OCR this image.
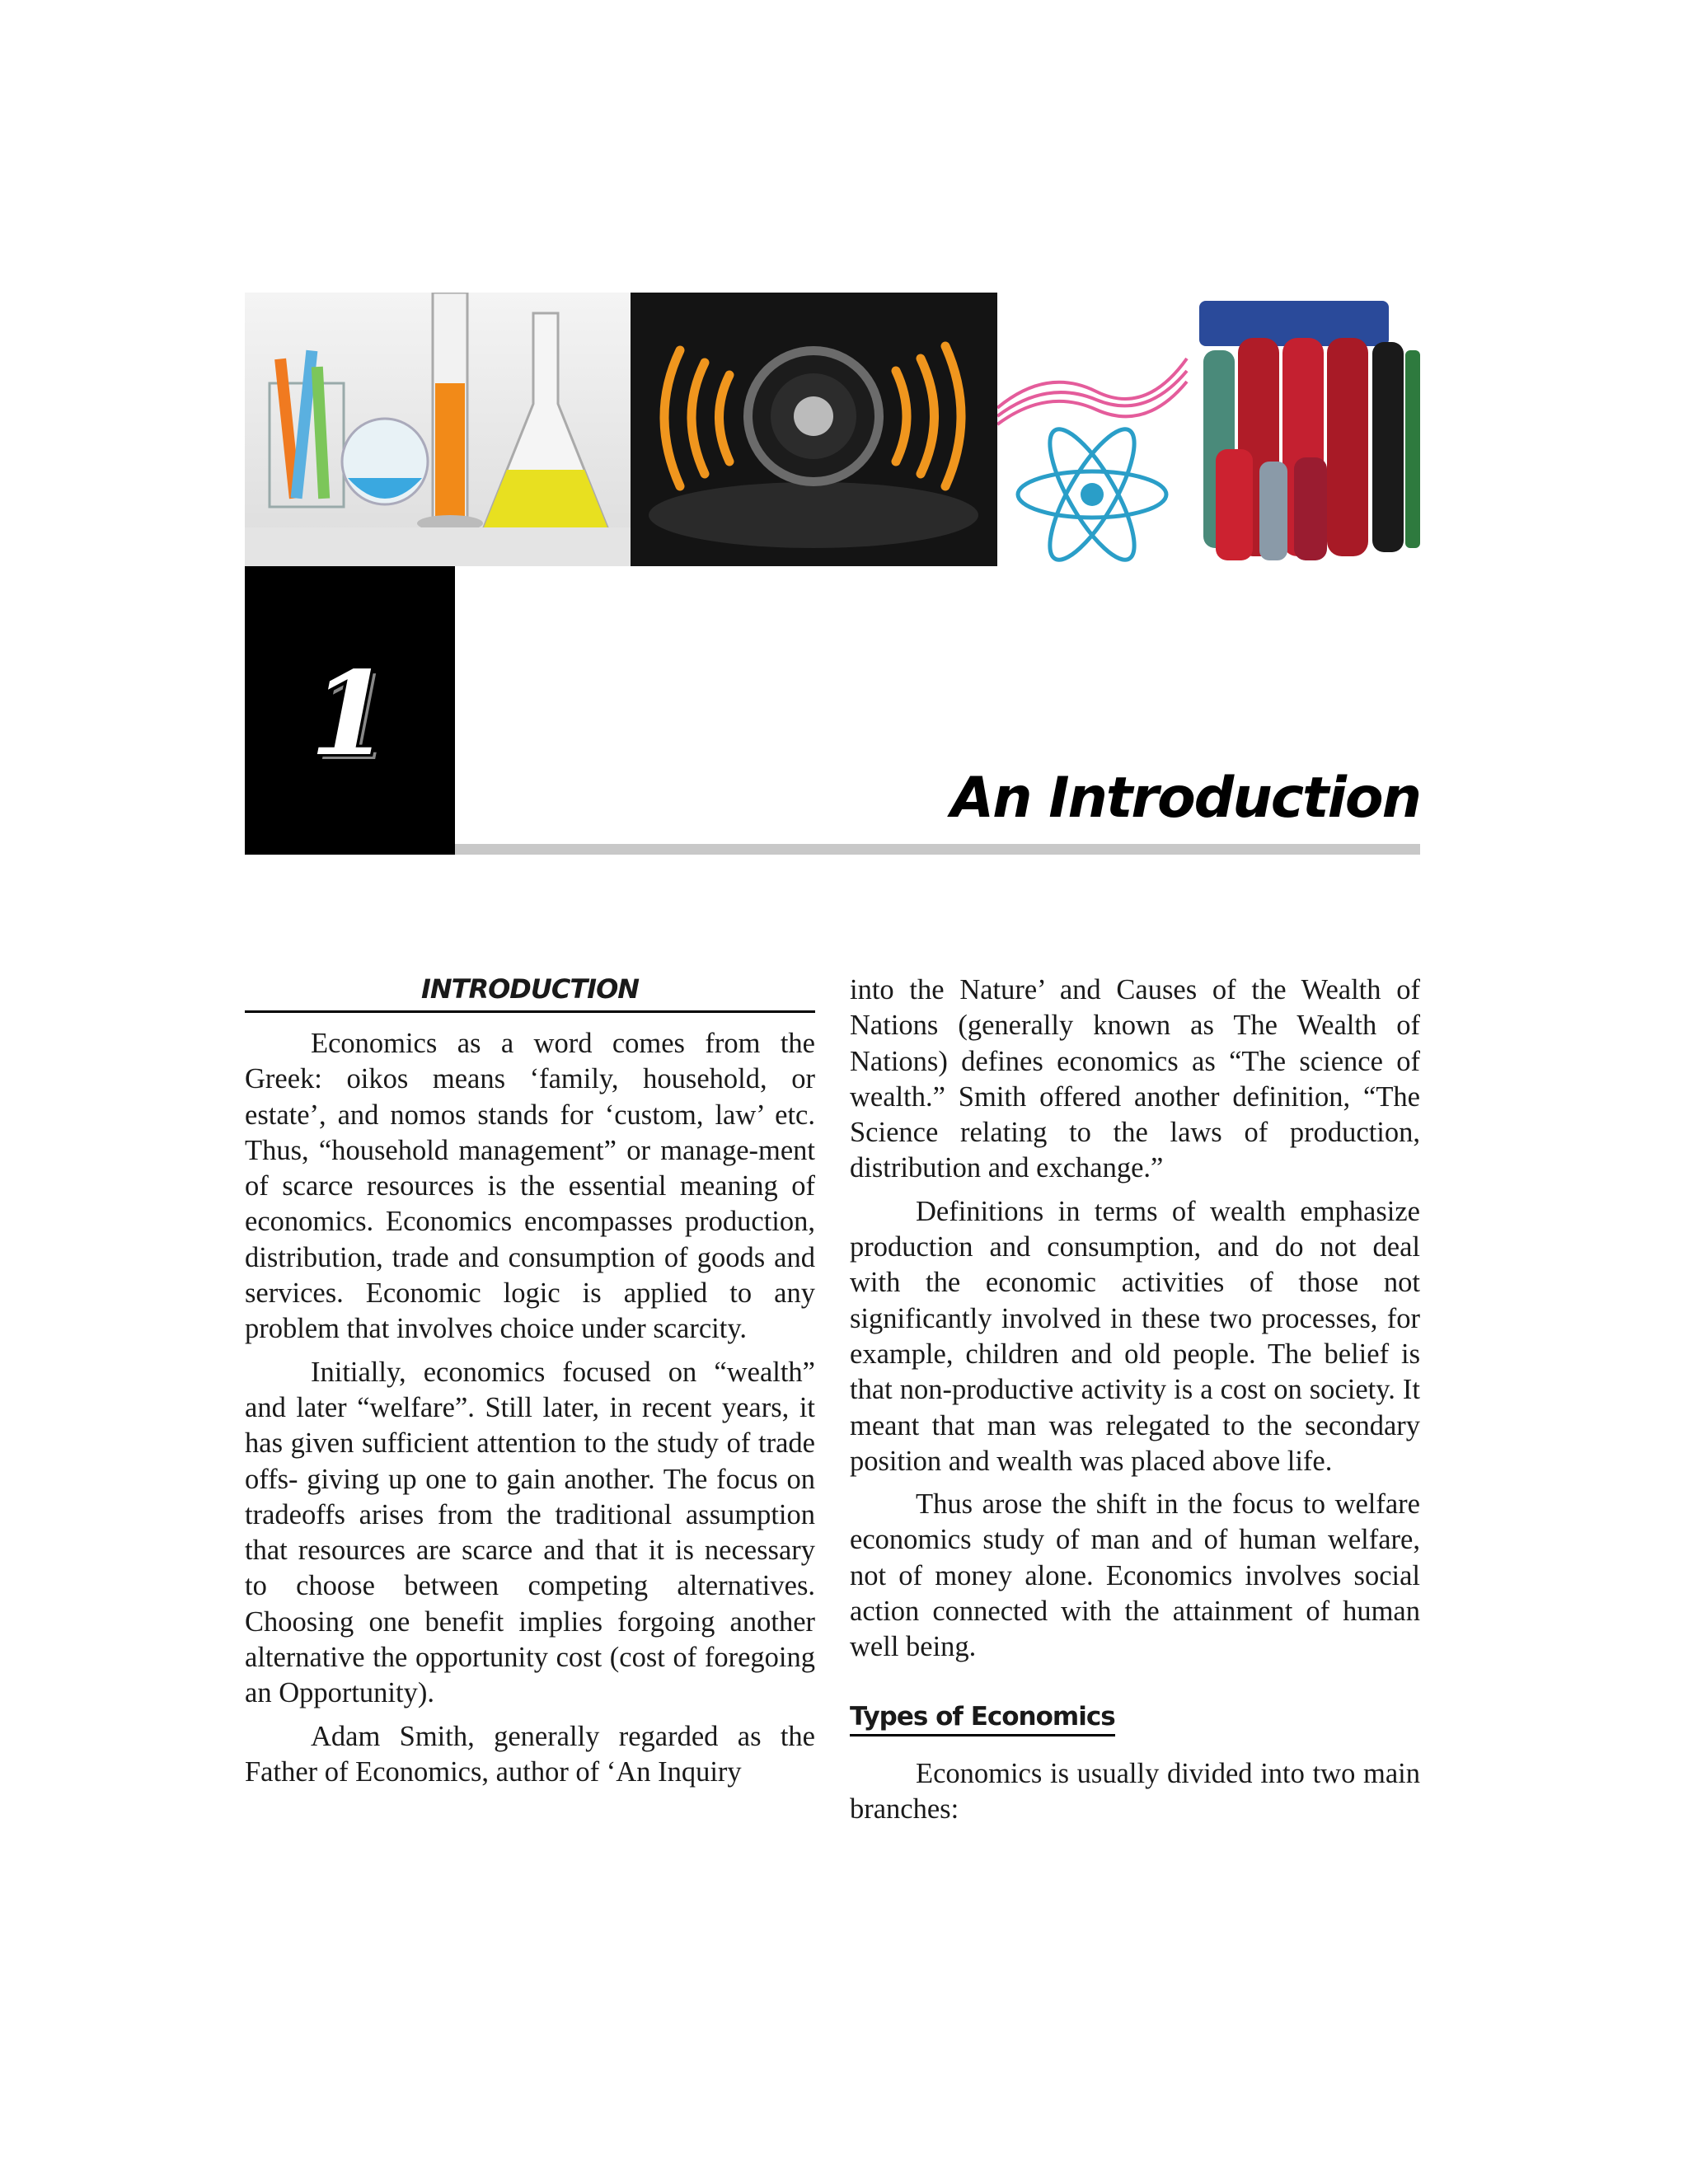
1
An Introduction
INTRODUCTION

Economics as a word comes from the Greek: oikos means ‘family, household, or estate’, and nomos stands for ‘custom, law’ etc. Thus, “household management” or manage-ment of scarce resources is the essential meaning of economics. Economics encompasses production, distribution, trade and consumption of goods and services. Economic logic is applied to any problem that involves choice under scarcity.

Initially, economics focused on “wealth” and later “welfare”. Still later, in recent years, it has given sufficient attention to the study of trade offs- giving up one to gain another. The focus on tradeoffs arises from the traditional assumption that resources are scarce and that it is necessary to choose between competing alternatives. Choosing one benefit implies forgoing another alternative the opportunity cost (cost of foregoing an Opportunity).

Adam Smith, generally regarded as the Father of Economics, author of ‘An Inquiry

into the Nature’ and Causes of the Wealth of Nations (generally known as The Wealth of Nations) defines economics as “The science of wealth.” Smith offered another definition, “The Science relating to the laws of production, distribution and exchange.”

Definitions in terms of wealth emphasize production and consumption, and do not deal with the economic activities of those not significantly involved in these two processes, for example, children and old people. The belief is that non-productive activity is a cost on society. It meant that man was relegated to the secondary position and wealth was placed above life.

Thus arose the shift in the focus to welfare economics study of man and of human welfare, not of money alone. Economics involves social action connected with the attainment of human well being.

Types of Economics

Economics is usually divided into two main branches:
